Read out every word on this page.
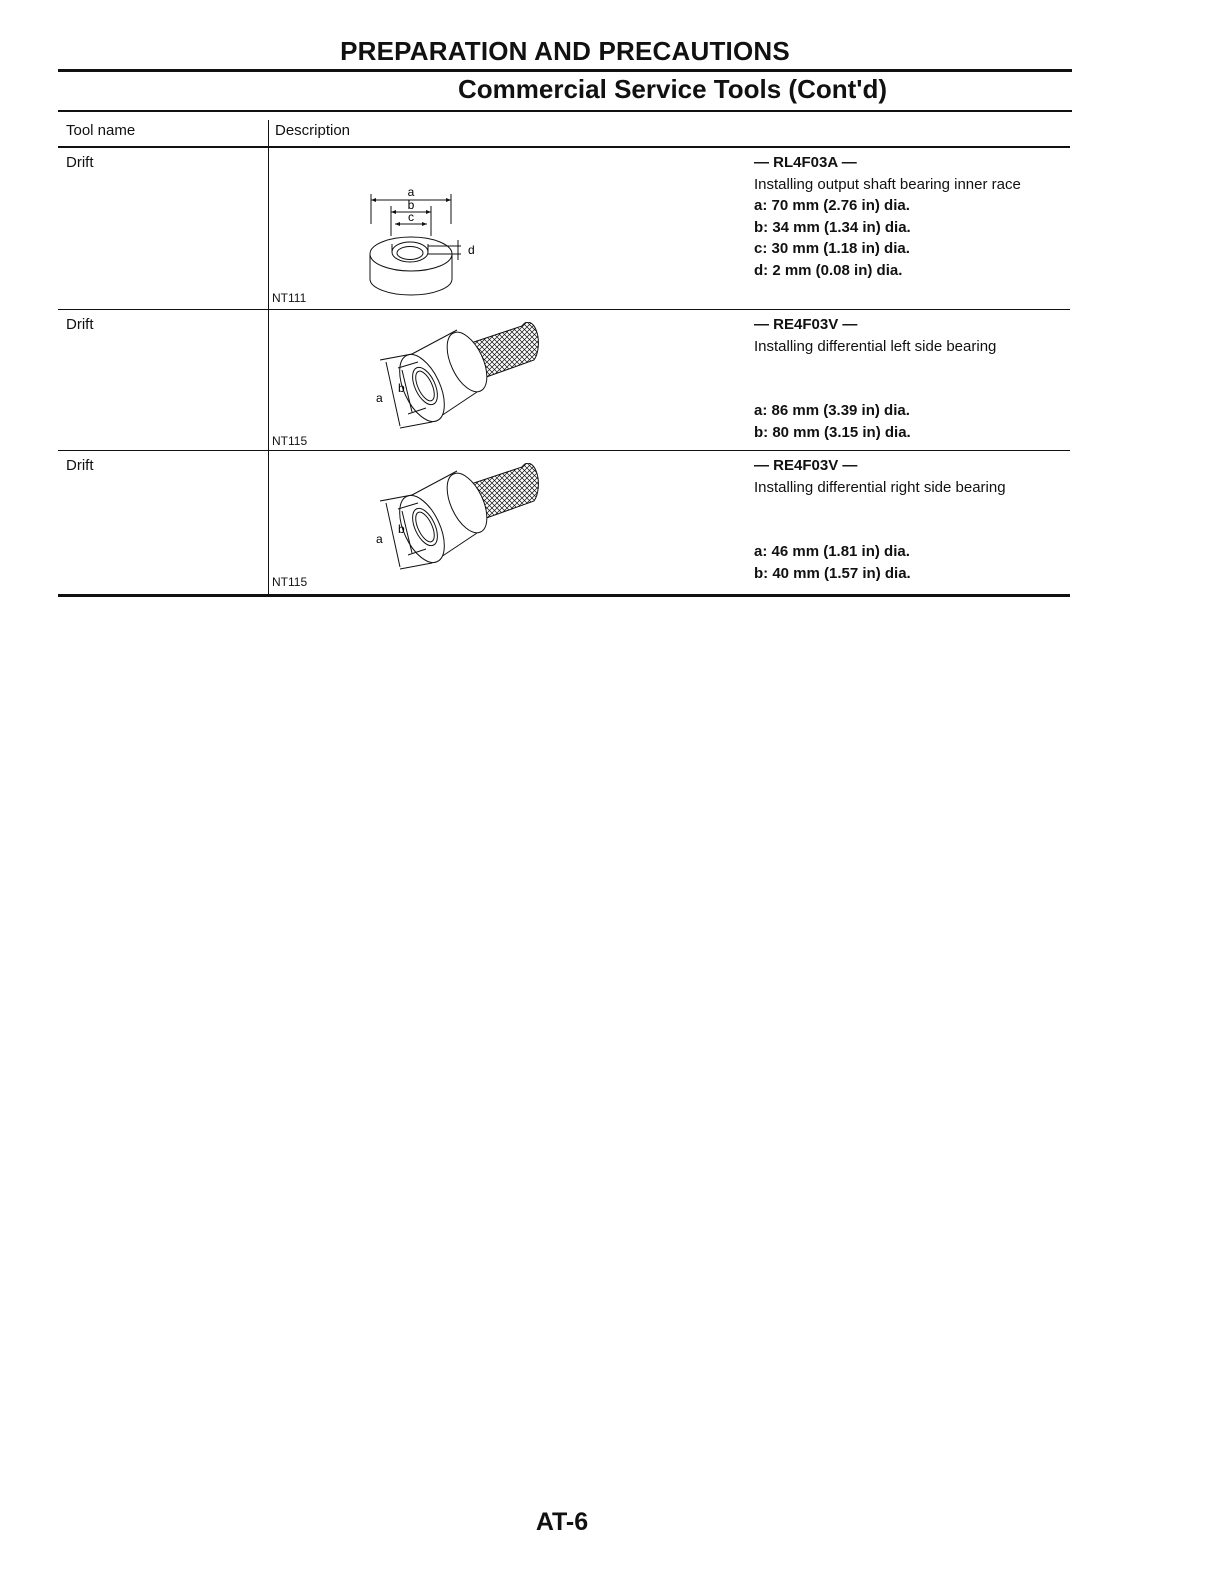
PREPARATION AND PRECAUTIONS
Commercial Service Tools (Cont'd)
Tool name	Description
Drift
a
b
c
d
NT111
— RL4F03A —
Installing output shaft bearing inner race
a: 70 mm (2.76 in) dia.
b: 34 mm (1.34 in) dia.
c: 30 mm (1.18 in) dia.
d: 2 mm (0.08 in) dia.
Drift
a
b
NT115
— RE4F03V —
Installing differential left side bearing
a: 86 mm (3.39 in) dia.
b: 80 mm (3.15 in) dia.
Drift
a
b
NT115
— RE4F03V —
Installing differential right side bearing
a: 46 mm (1.81 in) dia.
b: 40 mm (1.57 in) dia.
AT-6
